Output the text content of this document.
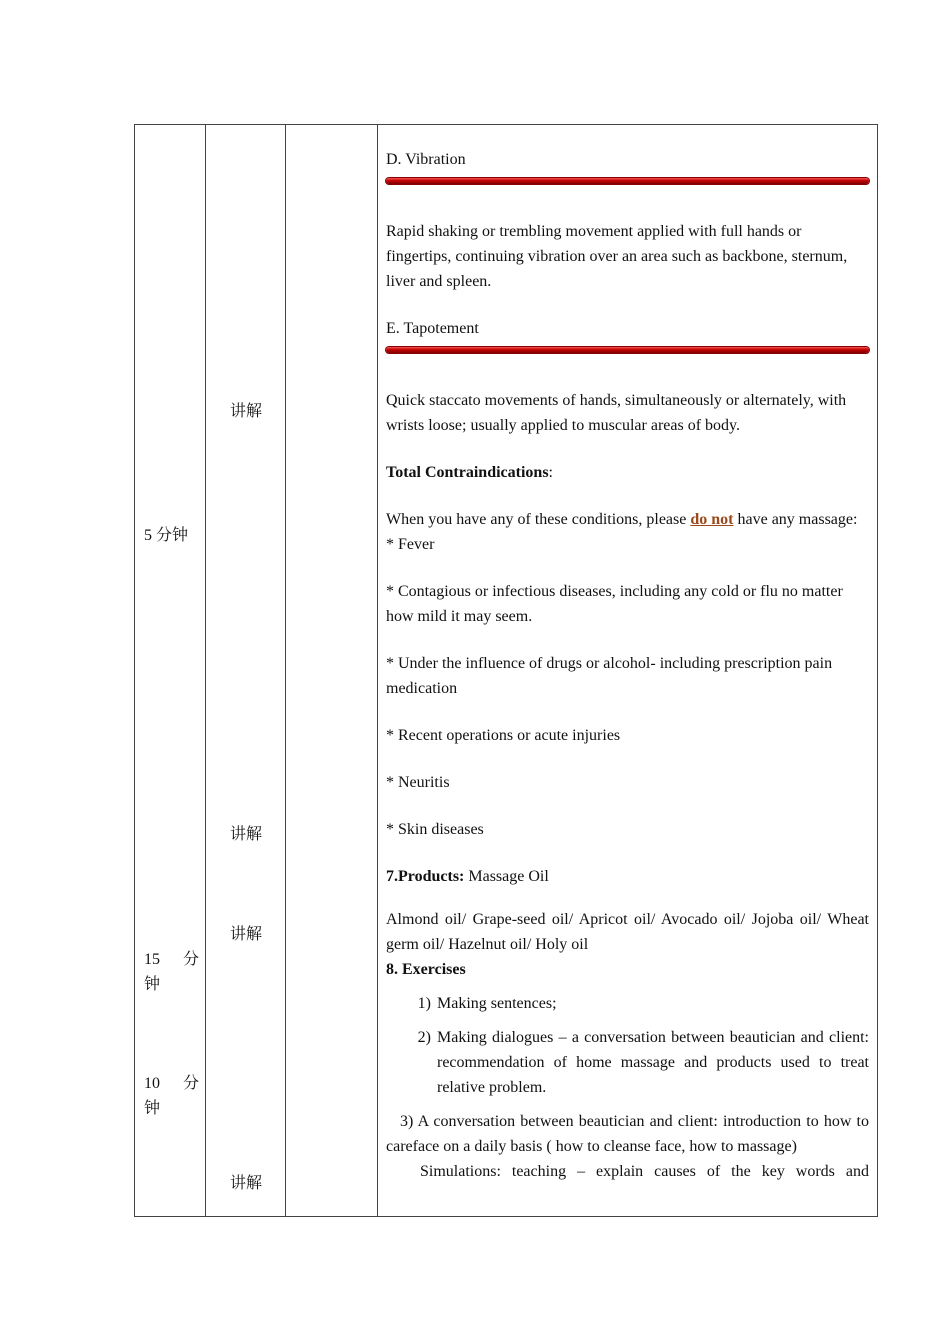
5 分钟
15 分
钟
10 分
钟
讲解
讲解
讲解
讲解

D. Vibration

Rapid shaking or trembling movement applied with full hands or fingertips, continuing vibration over an area such as backbone, sternum, liver and spleen.

E. Tapotement

Quick staccato movements of hands, simultaneously or alternately, with wrists loose; usually applied to muscular areas of body.

Total Contraindications:

When you have any of these conditions, please do not have any massage:

* Fever

* Contagious or infectious diseases, including any cold or flu no matter how mild it may seem.

* Under the influence of drugs or alcohol- including prescription pain medication

* Recent operations or acute injuries

* Neuritis

* Skin diseases

7.Products: Massage Oil

Almond oil/ Grape-seed oil/ Apricot oil/ Avocado oil/ Jojoba oil/ Wheat germ oil/ Hazelnut oil/ Holy oil

8. Exercises

1) Making sentences;
2) Making dialogues – a conversation between beautician and client: recommendation of home massage and products used to treat relative problem.

3) A conversation between beautician and client: introduction to how to careface on a daily basis ( how to cleanse face, how to massage)

Simulations: teaching – explain causes of the key words and
